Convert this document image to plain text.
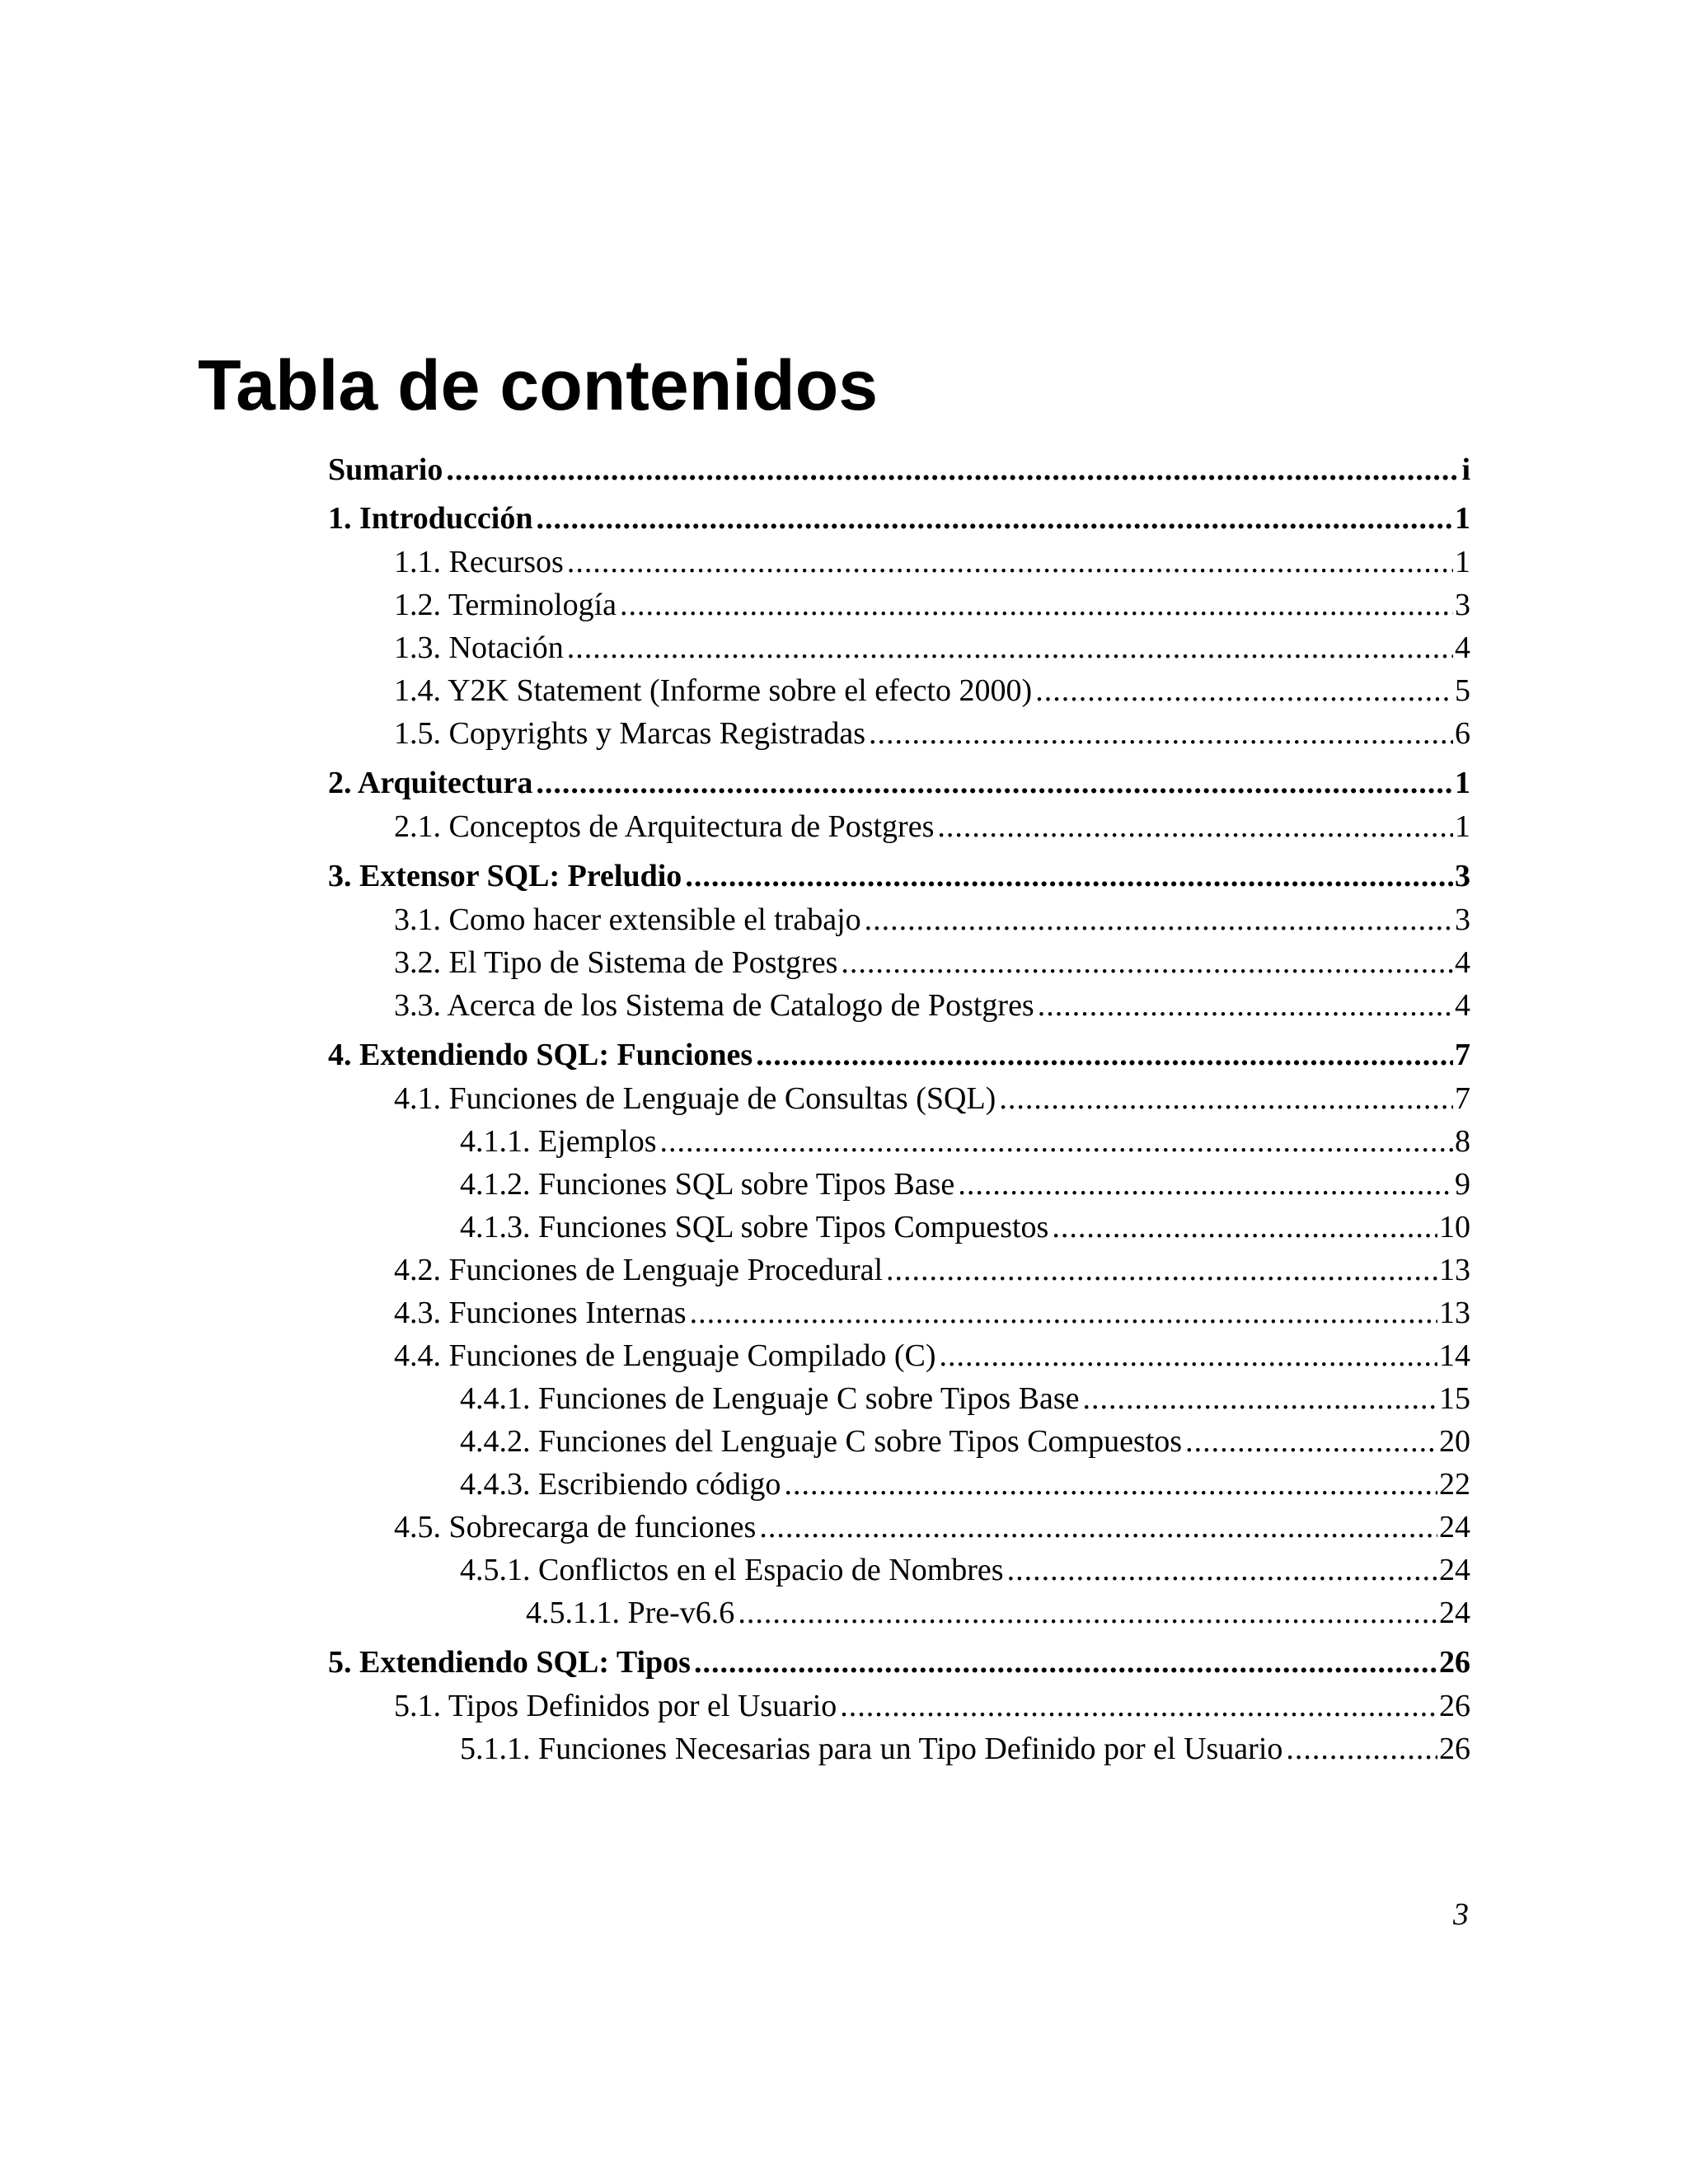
Tabla de contenidos
Sumario .....	i
1. Introducción .....	1
1.1. Recursos .....	1
1.2. Terminología .....	3
1.3. Notación .....	4
1.4. Y2K Statement (Informe sobre el efecto 2000) .....	5
1.5. Copyrights y Marcas Registradas .....	6
2. Arquitectura .....	1
2.1. Conceptos de Arquitectura de Postgres .....	1
3. Extensor SQL: Preludio .....	3
3.1. Como hacer extensible el trabajo .....	3
3.2. El Tipo de Sistema de Postgres .....	4
3.3. Acerca de los Sistema de Catalogo de Postgres .....	4
4. Extendiendo SQL: Funciones .....	7
4.1. Funciones de Lenguaje de Consultas (SQL) .....	7
4.1.1. Ejemplos .....	8
4.1.2. Funciones SQL sobre Tipos Base .....	9
4.1.3. Funciones SQL sobre Tipos Compuestos .....	10
4.2. Funciones de Lenguaje Procedural .....	13
4.3. Funciones Internas .....	13
4.4. Funciones de Lenguaje Compilado (C) .....	14
4.4.1. Funciones de Lenguaje C sobre Tipos Base .....	15
4.4.2. Funciones del Lenguaje C sobre Tipos Compuestos .....	20
4.4.3. Escribiendo código .....	22
4.5. Sobrecarga de funciones .....	24
4.5.1. Conflictos en el Espacio de Nombres .....	24
4.5.1.1. Pre-v6.6 .....	24
5. Extendiendo SQL: Tipos .....	26
5.1. Tipos Definidos por el Usuario .....	26
5.1.1. Funciones Necesarias para un Tipo Definido por el Usuario .....	26
3
